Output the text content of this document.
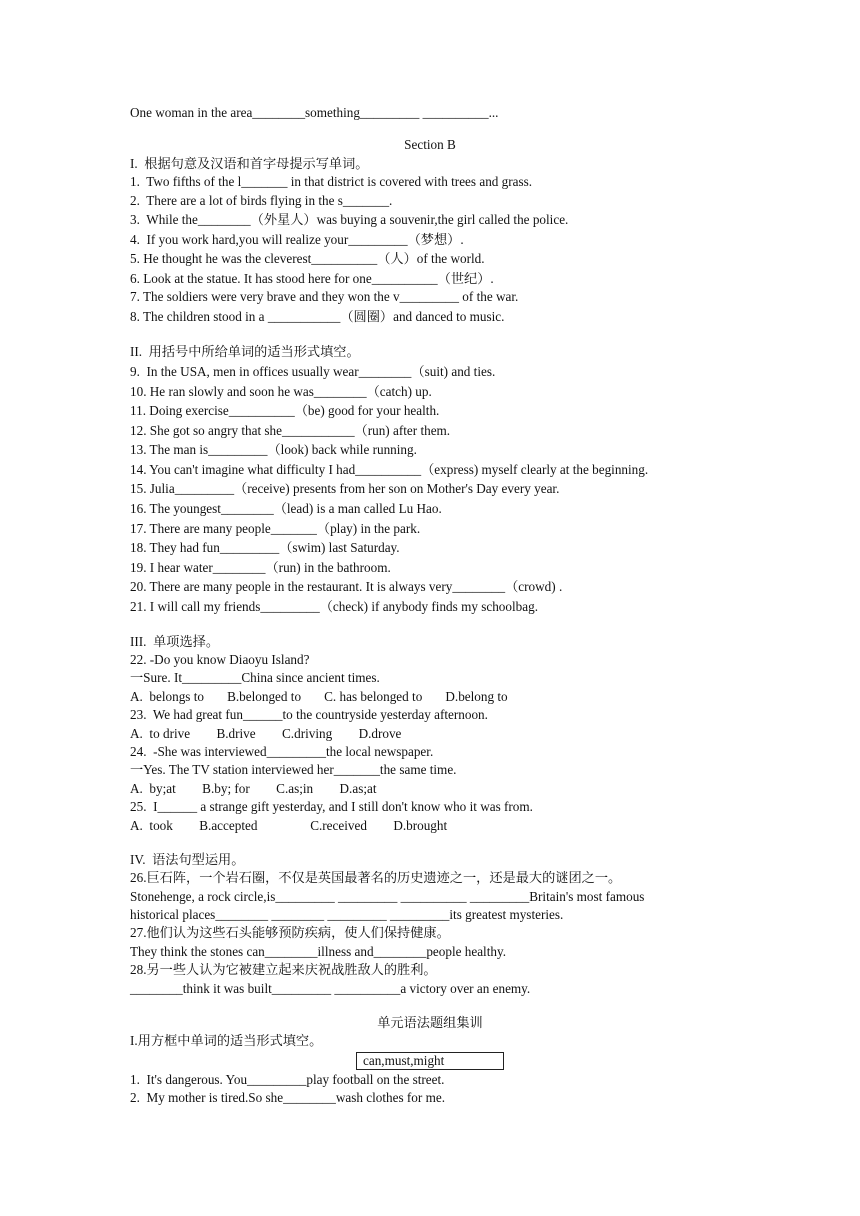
One woman in the area________something_________ __________...
Section B
I.  根据句意及汉语和首字母提示写单词。
1.  Two fifths of the l_______ in that district is covered with trees and grass.
2.  There are a lot of birds flying in the s_______.
3.  While the________（外星人）was buying a souvenir,the girl called the police.
4.  If you work hard,you will realize your_________（梦想）.
5. He thought he was the cleverest__________（人）of the world.
6. Look at the statue. It has stood here for one__________（世纪）.
7. The soldiers were very brave and they won the v_________ of the war.
8. The children stood in a ___________（圆圈）and danced to music.
II.  用括号中所给单词的适当形式填空。
9.  In the USA, men in offices usually wear________（suit) and ties.
10. He ran slowly and soon he was________（catch) up.
11. Doing exercise__________（be) good for your health.
12. She got so angry that she___________（run) after them.
13. The man is_________（look) back while running.
14. You can't imagine what difficulty I had__________（express) myself clearly at the beginning.
15. Julia_________（receive) presents from her son on Mother's Day every year.
16. The youngest________（lead) is a man called Lu Hao.
17. There are many people_______（play) in the park.
18. They had fun_________（swim) last Saturday.
19. I hear water________（run) in the bathroom.
20. There are many people in the restaurant. It is always very________（crowd) .
21. I will call my friends_________（check) if anybody finds my schoolbag.
III.  单项选择。
22. -Do you know Diaoyu Island?
一Sure. It_________China since ancient times.
A.  belongs to       B.belonged to       C. has belonged to       D.belong to
23.  We had great fun______to the countryside yesterday afternoon.
A.  to drive        B.drive        C.driving        D.drove
24.  -She was interviewed_________the local newspaper.
一Yes. The TV station interviewed her_______the same time.
A.  by;at        B.by; for        C.as;in        D.as;at
25.  I______ a strange gift yesterday, and I still don't know who it was from.
A.  took        B.accepted                C.received        D.brought
IV.  语法句型运用。
26.巨石阵，一个岩石圈，不仅是英国最著名的历史遗迹之一，还是最大的谜团之一。
Stonehenge, a rock circle,is_________ _________ __________ _________Britain's most famous
historical places________ ________ _________ _________its greatest mysteries.
27.他们认为这些石头能够预防疾病，使人们保持健康。
They think the stones can________illness and________people healthy.
28.另一些人认为它被建立起来庆祝战胜敌人的胜利。
________think it was built_________ __________a victory over an enemy.
单元语法题组集训
I.用方框中单词的适当形式填空。
can,must,might
1.  It's dangerous. You_________play football on the street.
2.  My mother is tired.So she________wash clothes for me.
